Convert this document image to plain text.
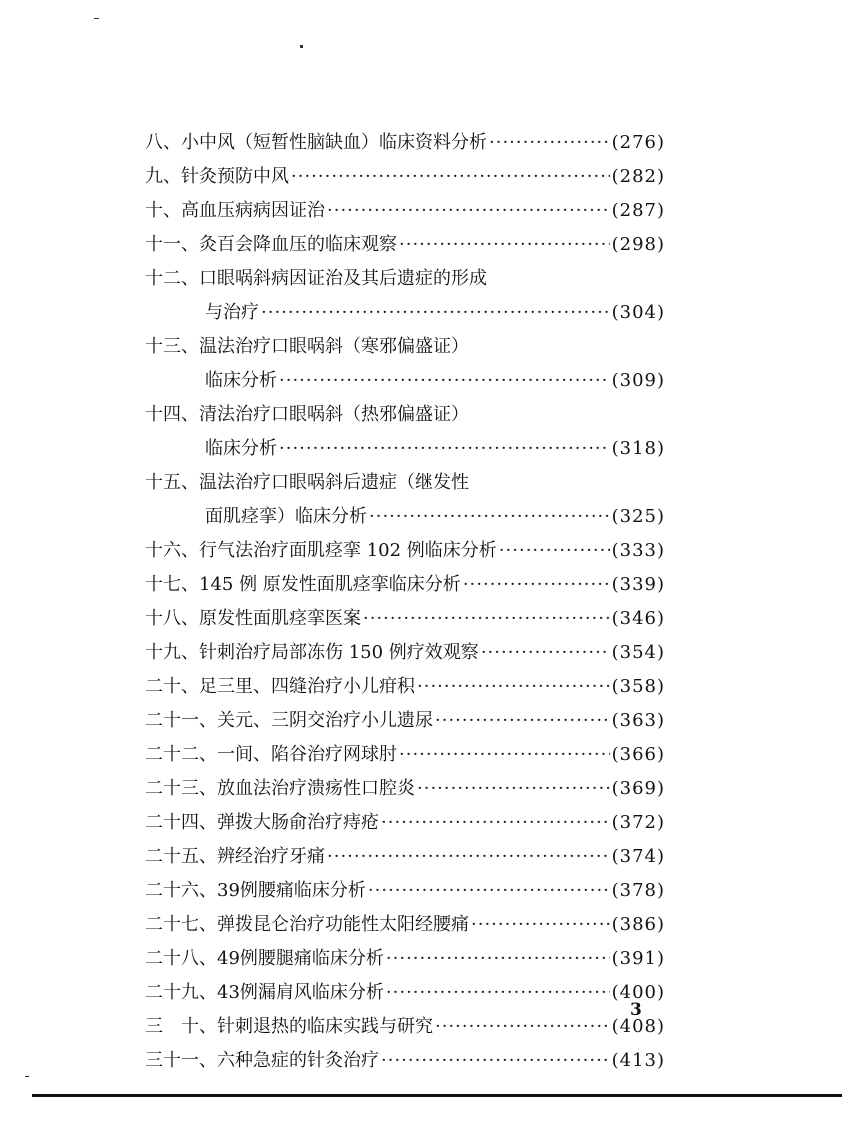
八、小中风（短暂性脑缺血）临床资料分析 ·····	(276)
九、针灸预防中风 ·····	(282)
十、高血压病病因证治 ·····	(287)
十一、灸百会降血压的临床观察 ·····	(298)
十二、口眼㖞斜病因证治及其后遗症的形成
与治疗 ·····	(304)
十三、温法治疗口眼㖞斜（寒邪偏盛证）
临床分析 ·····	(309)
十四、清法治疗口眼㖞斜（热邪偏盛证）
临床分析 ·····	(318)
十五、温法治疗口眼㖞斜后遗症（继发性
面肌痉挛）临床分析 ·····	(325)
十六、行气法治疗面肌痉挛 102 例临床分析 ·····	(333)
十七、145 例 原发性面肌痉挛临床分析 ·····	(339)
十八、原发性面肌痉挛医案 ·····	(346)
十九、针刺治疗局部冻伤 150 例疗效观察 ·····	(354)
二十、足三里、四缝治疗小儿疳积 ·····	(358)
二十一、关元、三阴交治疗小儿遗尿 ·····	(363)
二十二、一间、陷谷治疗网球肘 ·····	(366)
二十三、放血法治疗溃疡性口腔炎 ·····	(369)
二十四、弹拨大肠俞治疗痔疮 ·····	(372)
二十五、辨经治疗牙痛 ·····	(374)
二十六、39例腰痛临床分析 ·····	(378)
二十七、弹拨昆仑治疗功能性太阳经腰痛 ·····	(386)
二十八、49例腰腿痛临床分析 ·····	(391)
二十九、43例漏肩风临床分析 ·····	(400)
三　十、针刺退热的临床实践与研究 ·····	(408)
三十一、六种急症的针灸治疗 ·····	(413)
3
